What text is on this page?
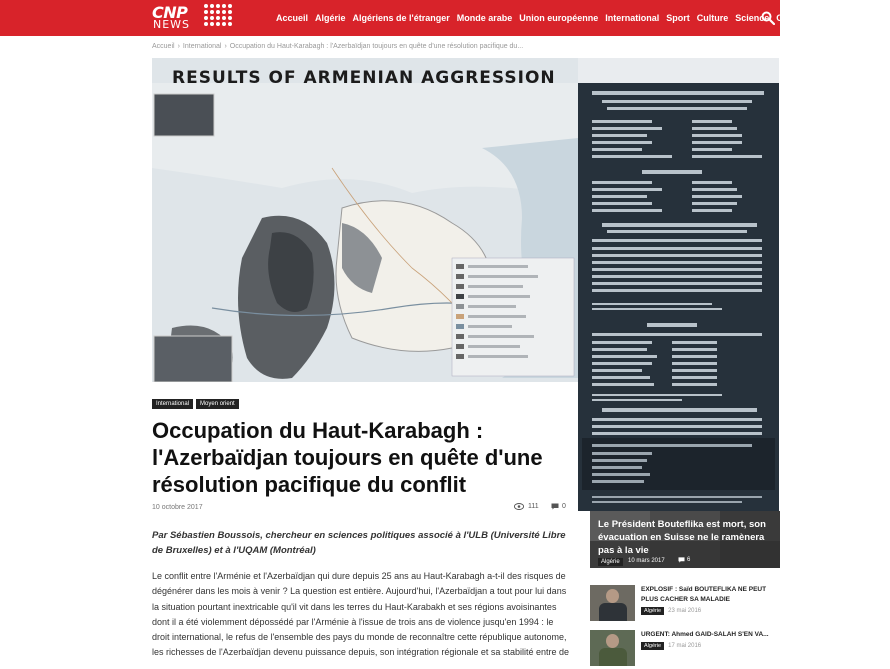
CNP
NEWS	Accueil Algérie Algériens de l'étranger Monde arabe Union européenne International Sport Culture Science Carte blanche
Accueil › International › Occupation du Haut-Karabagh : l'Azerbaïdjan toujours en quête d'une résolution pacifique du...
RESULTS OF ARMENIAN AGGRESSION
International	Moyen orient
Occupation du Haut-Karabagh : l'Azerbaïdjan toujours en quête d'une résolution pacifique du conflit
10 octobre 2017	111	0

Par Sébastien Boussois, chercheur en sciences politiques associé à l'ULB (Université Libre de Bruxelles) et à l'UQAM (Montréal)

Le conflit entre l'Arménie et l'Azerbaïdjan qui dure depuis 25 ans au Haut-Karabagh a-t-il des risques de dégénérer dans les mois à venir ? La question est entière. Aujourd'hui, l'Azerbaïdjan a tout pour lui dans la situation pourtant inextricable qu'il vit dans les terres du Haut-Karabakh et ses régions avoisinantes dont il a été violemment dépossédé par l'Arménie à l'issue de trois ans de violence jusqu'en 1994 : le droit international, le refus de l'ensemble des pays du monde de reconnaître cette république autonome, les richesses de l'Azerbaïdjan devenu puissance depuis, son intégration régionale et sa stabilité entre de

Le Président Bouteflika est mort, son évacuation en Suisse ne le ramènera pas à la vie
Algérie	10 mars 2017	6
EXPLOSIF : Saïd BOUTEFLIKA NE PEUT PLUS CACHER SA MALADIE
Algérie	23 mai 2016
URGENT: Ahmed GAID-SALAH S'EN VA...
Algérie	17 mai 2016
